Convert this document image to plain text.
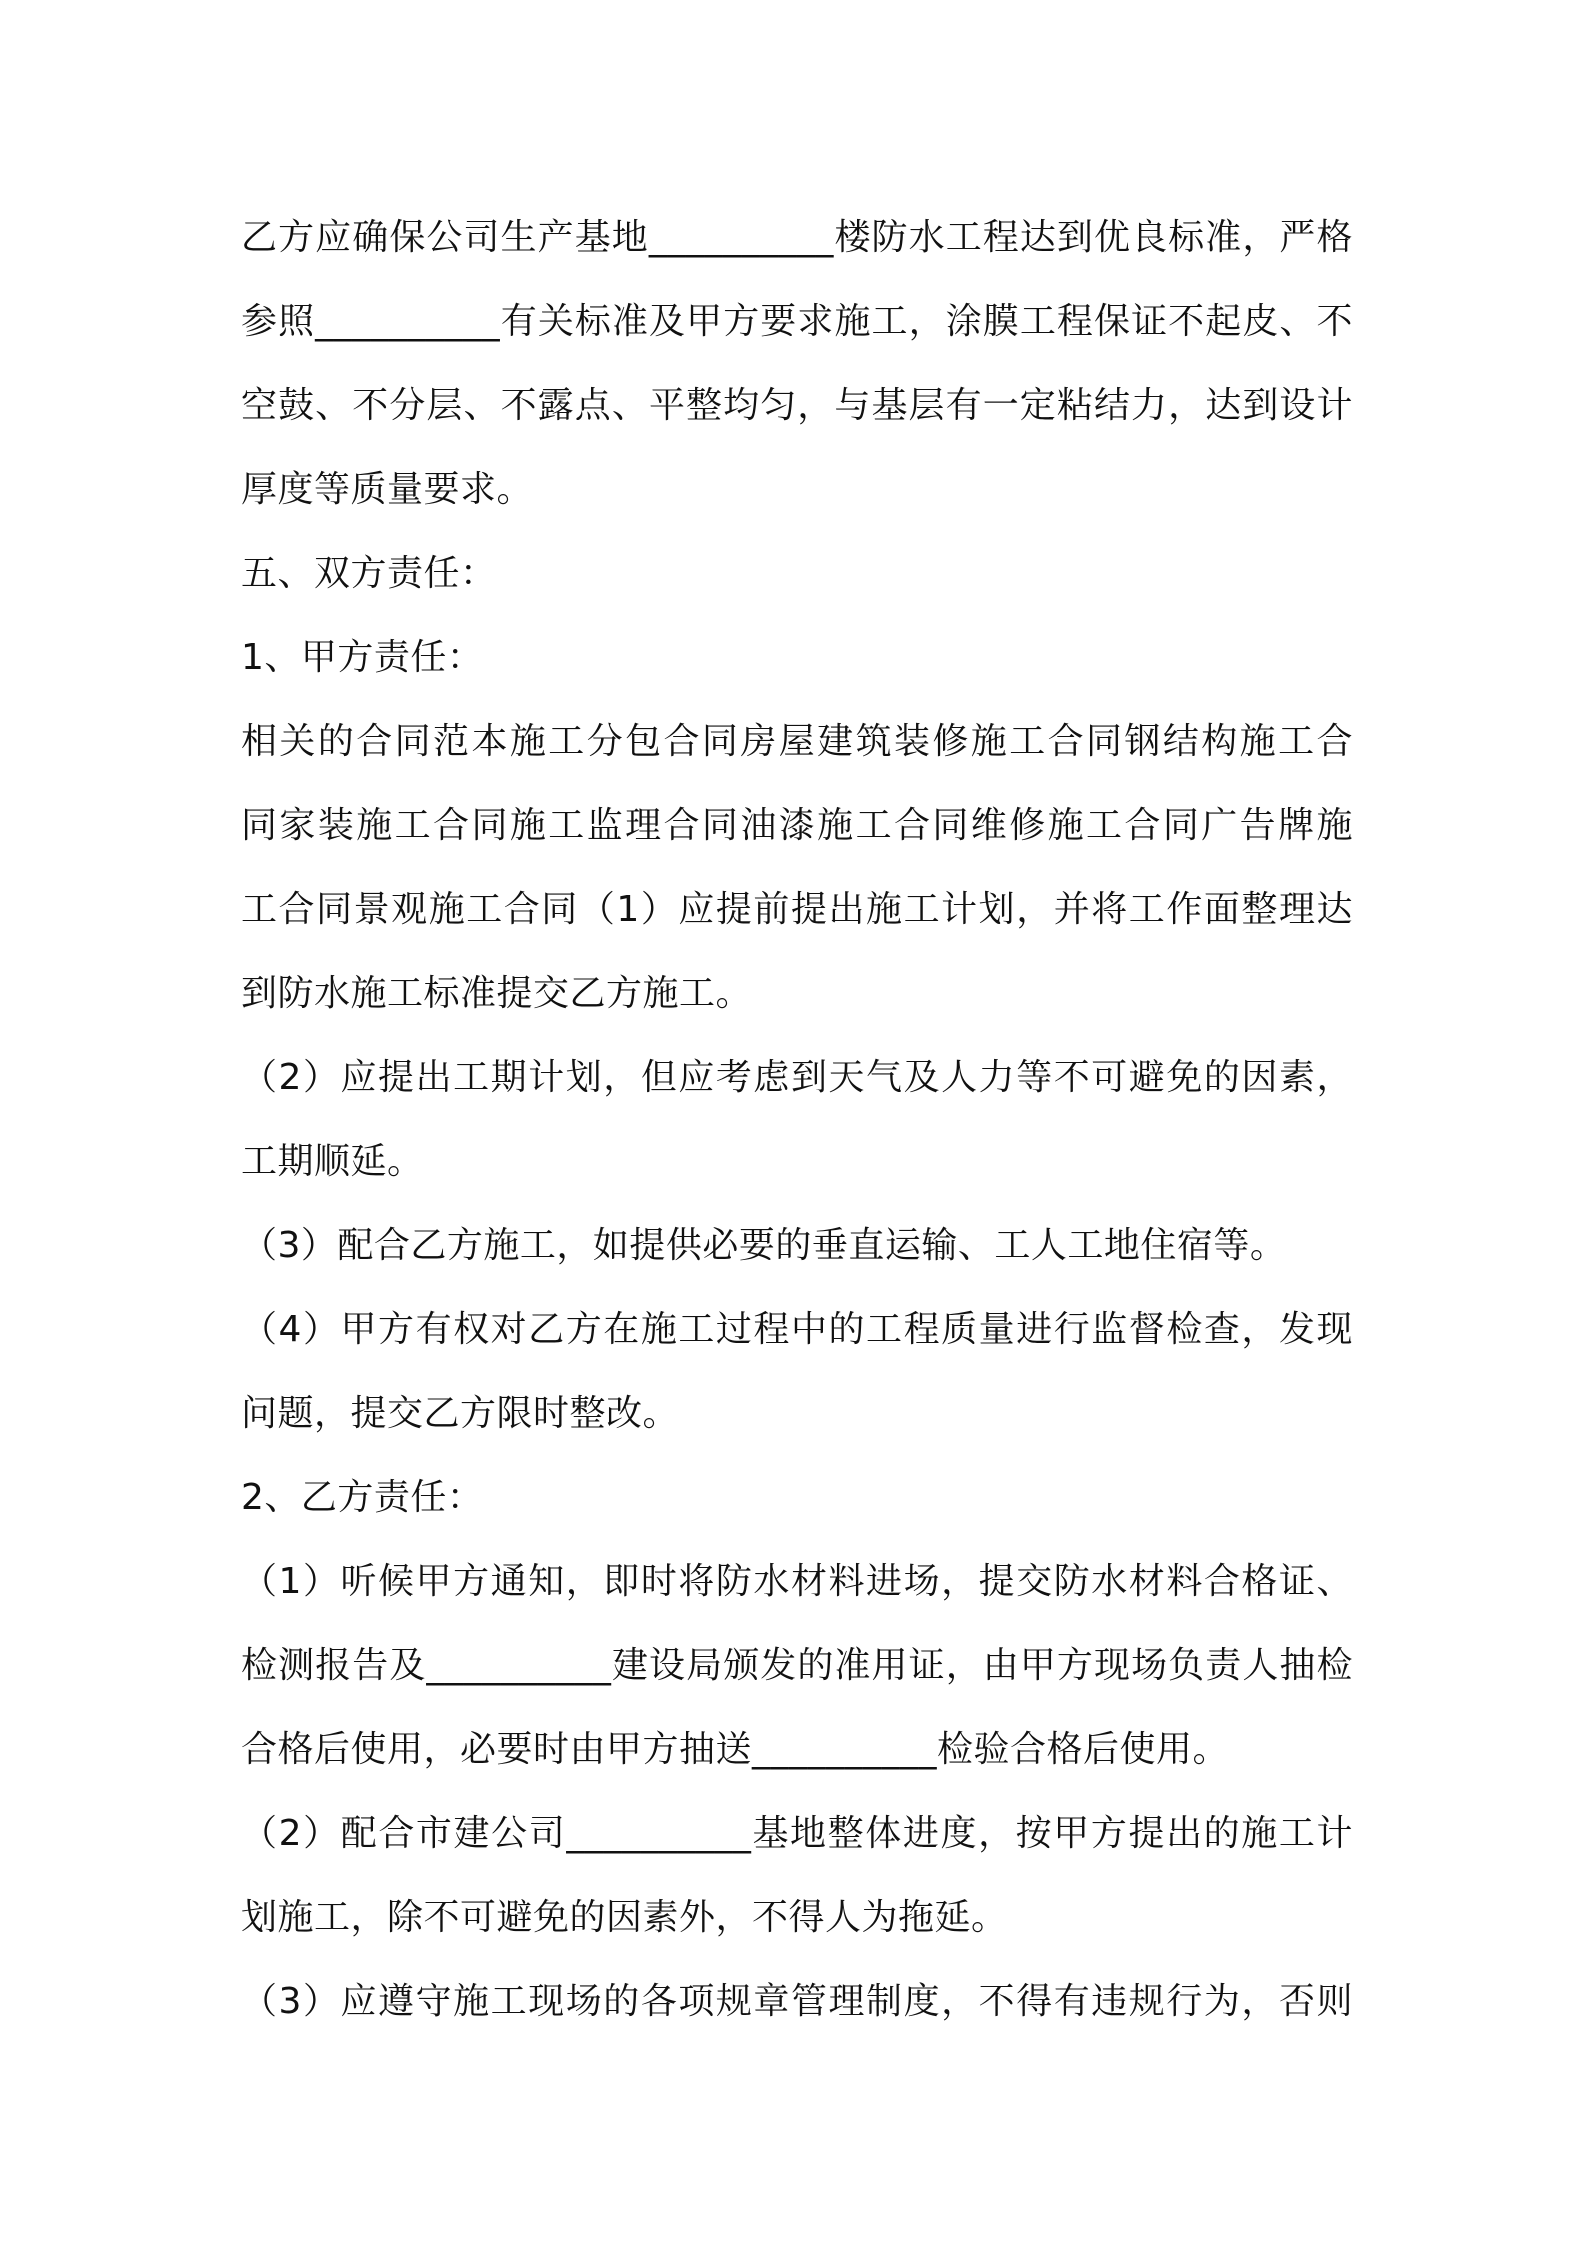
乙方应确保公司生产基地__________楼防水工程达到优良标准，严格
参照__________有关标准及甲方要求施工，涂膜工程保证不起皮、不
空鼓、不分层、不露点、平整均匀，与基层有一定粘结力，达到设计
厚度等质量要求。
五、双方责任：
1、甲方责任：
相关的合同范本施工分包合同房屋建筑装修施工合同钢结构施工合
同家装施工合同施工监理合同油漆施工合同维修施工合同广告牌施
工合同景观施工合同（1）应提前提出施工计划，并将工作面整理达
到防水施工标准提交乙方施工。
（2）应提出工期计划，但应考虑到天气及人力等不可避免的因素，
工期顺延。
（3）配合乙方施工，如提供必要的垂直运输、工人工地住宿等。
（4）甲方有权对乙方在施工过程中的工程质量进行监督检查，发现
问题，提交乙方限时整改。
2、乙方责任：
（1）听候甲方通知，即时将防水材料进场，提交防水材料合格证、
检测报告及__________建设局颁发的准用证，由甲方现场负责人抽检
合格后使用，必要时由甲方抽送__________检验合格后使用。
（2）配合市建公司__________基地整体进度，按甲方提出的施工计
划施工，除不可避免的因素外，不得人为拖延。
（3）应遵守施工现场的各项规章管理制度，不得有违规行为，否则
